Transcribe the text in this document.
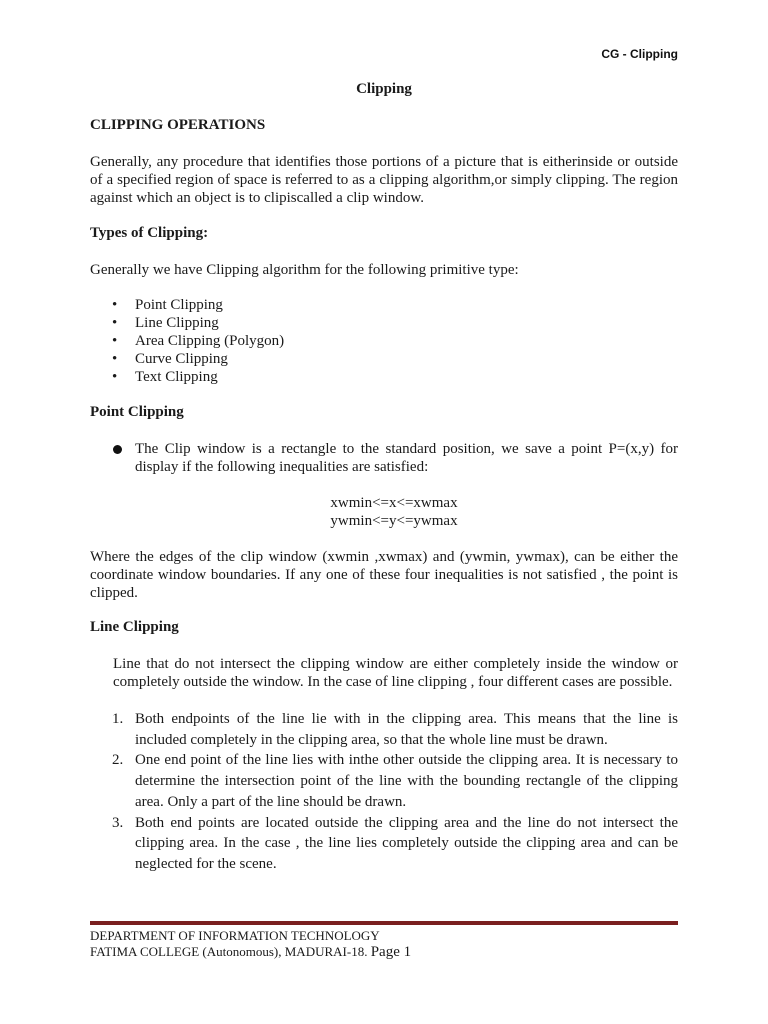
CG - Clipping
Clipping
CLIPPING OPERATIONS
Generally, any procedure that identifies those portions of a picture that is eitherinside or outside of a specified region of space is referred to as a clipping algorithm,or simply clipping. The region against which an object is to clipiscalled a clip window.
Types of Clipping:
Generally we have Clipping algorithm for the following primitive type:
• Point Clipping
• Line Clipping
• Area Clipping (Polygon)
• Curve Clipping
• Text Clipping
Point Clipping
The Clip window is a rectangle to the standard position, we save a point P=(x,y) for display if the following inequalities are satisfied:
xwmin<=x<=xwmax
ywmin<=y<=ywmax
Where the edges of the clip window (xwmin ,xwmax) and (ywmin, ywmax), can be either the coordinate window boundaries. If any one of these four inequalities is not satisfied , the point is clipped.
Line Clipping
Line that do not intersect the clipping window are either completely inside the window or completely outside the window. In the case of line clipping , four different cases are possible.
1. Both endpoints of the line lie with in the clipping area. This means that the line is included completely in the clipping area, so that the whole line must be drawn.
2. One end point of the line lies with inthe other outside the clipping area. It is necessary to determine the intersection point of the line with the bounding rectangle of the clipping area. Only a part of the line should be drawn.
3. Both end points are located outside the clipping area and the line do not intersect the clipping area. In the case , the line lies completely outside the clipping area and can be neglected for the scene.
DEPARTMENT OF INFORMATION TECHNOLOGY
FATIMA COLLEGE (Autonomous), MADURAI-18. Page 1
